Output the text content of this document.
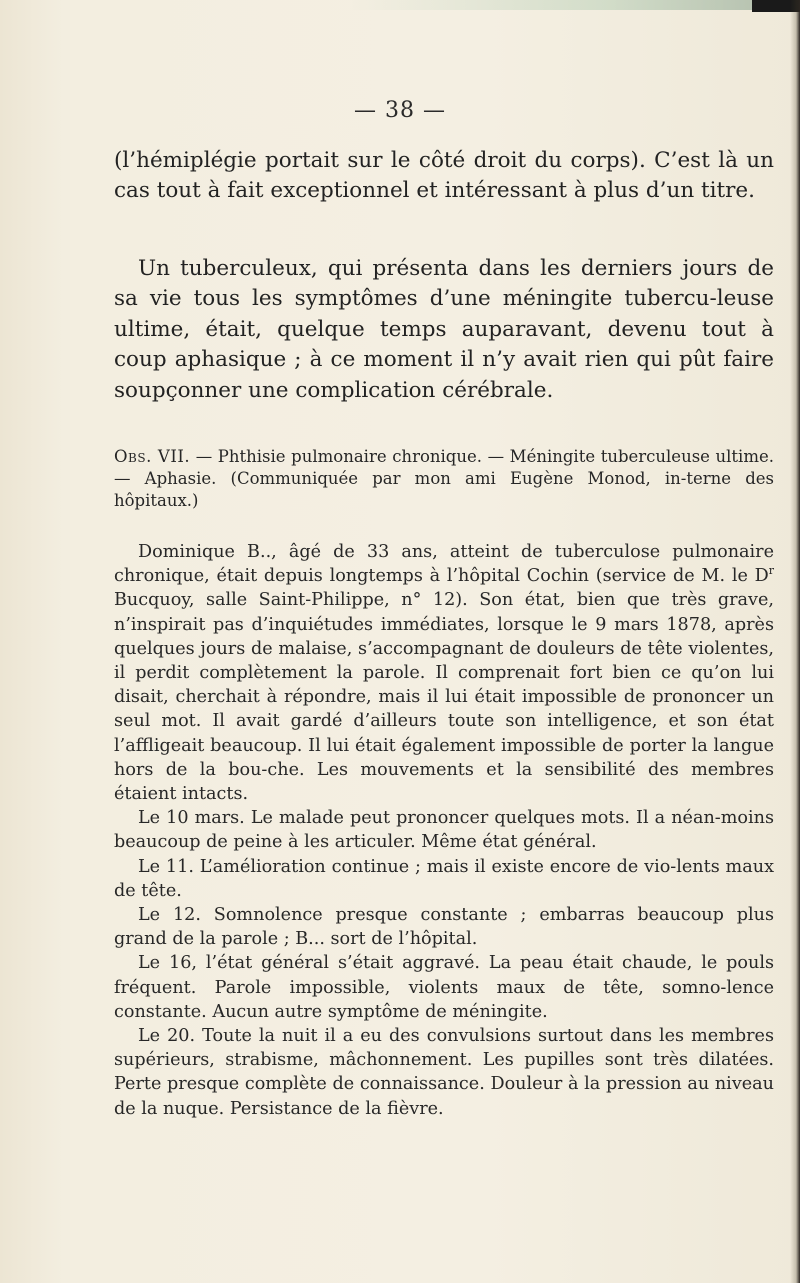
— 38 —

(l’hémiplégie portait sur le côté droit du corps). C’est là un cas tout à fait exceptionnel et intéressant à plus d’un titre.

Un tuberculeux, qui présenta dans les derniers jours de sa vie tous les symptômes d’une méningite tubercu-leuse ultime, était, quelque temps auparavant, devenu tout à coup aphasique ; à ce moment il n’y avait rien qui pût faire soupçonner une complication cérébrale.

Obs. VII. — Phthisie pulmonaire chronique. — Méningite tuberculeuse ultime. — Aphasie. (Communiquée par mon ami Eugène Monod, in-terne des hôpitaux.)

Dominique B.., âgé de 33 ans, atteint de tuberculose pulmonaire chronique, était depuis longtemps à l’hôpital Cochin (service de M. le $D^r$ Bucquoy, salle Saint-Philippe, n° 12). Son état, bien que très grave, n’inspirait pas d’inquiétudes immédiates, lorsque le 9 mars 1878, après quelques jours de malaise, s’accompagnant de douleurs de tête violentes, il perdit complètement la parole. Il comprenait fort bien ce qu’on lui disait, cherchait à répondre, mais il lui était impossible de prononcer un seul mot. Il avait gardé d’ailleurs toute son intelligence, et son état l’affligeait beaucoup. Il lui était également impossible de porter la langue hors de la bou-che. Les mouvements et la sensibilité des membres étaient intacts.

Le 10 mars. Le malade peut prononcer quelques mots. Il a néan-moins beaucoup de peine à les articuler. Même état général.

Le 11. L’amélioration continue ; mais il existe encore de vio-lents maux de tête.

Le 12. Somnolence presque constante ; embarras beaucoup plus grand de la parole ; B... sort de l’hôpital.

Le 16, l’état général s’était aggravé. La peau était chaude, le pouls fréquent. Parole impossible, violents maux de tête, somno-lence constante. Aucun autre symptôme de méningite.

Le 20. Toute la nuit il a eu des convulsions surtout dans les membres supérieurs, strabisme, mâchonnement. Les pupilles sont très dilatées. Perte presque complète de connaissance. Douleur à la pression au niveau de la nuque. Persistance de la fièvre.
